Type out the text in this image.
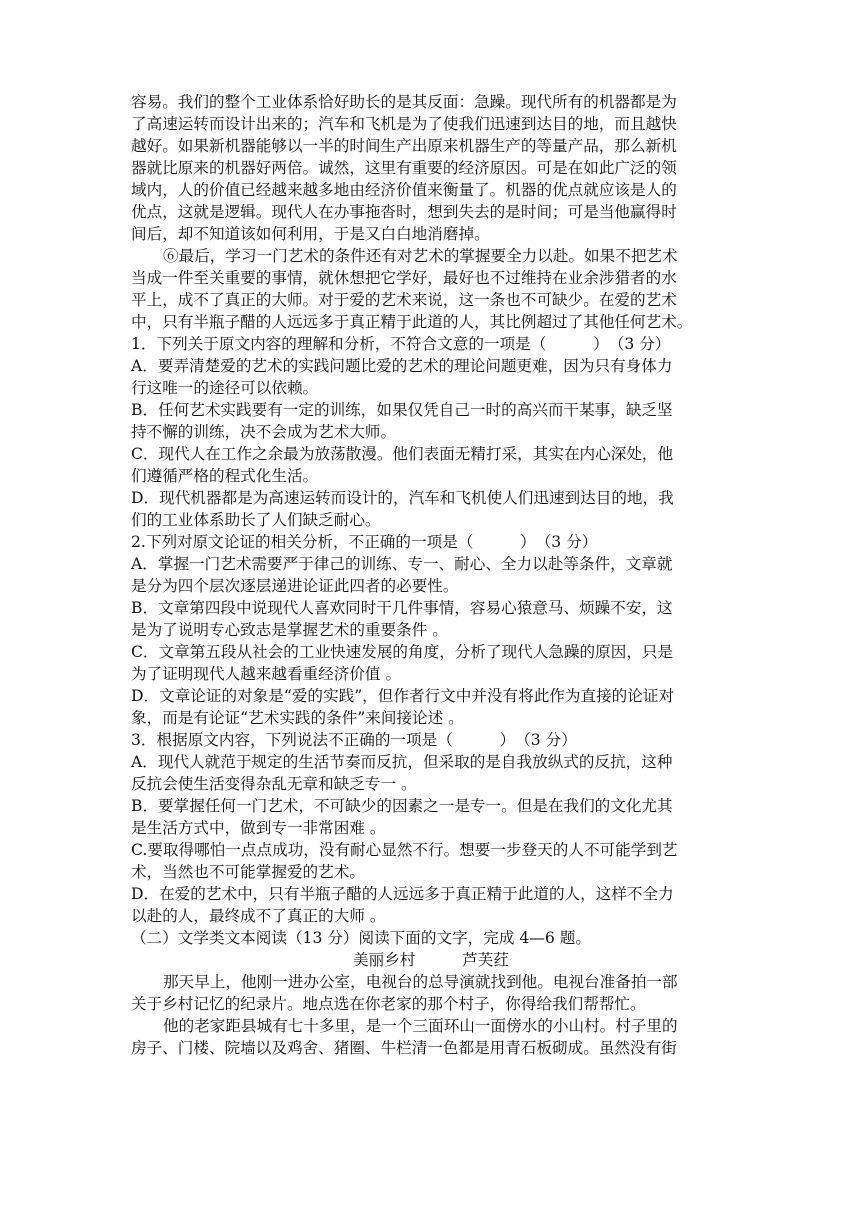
容易。我们的整个工业体系恰好助长的是其反面：急躁。现代所有的机器都是为
了高速运转而设计出来的；汽车和飞机是为了使我们迅速到达目的地，而且越快
越好。如果新机器能够以一半的时间生产出原来机器生产的等量产品，那么新机
器就比原来的机器好两倍。诚然，这里有重要的经济原因。可是在如此广泛的领
域内，人的价值已经越来越多地由经济价值来衡量了。机器的优点就应该是人的
优点，这就是逻辑。现代人在办事拖沓时，想到失去的是时间；可是当他赢得时
间后，却不知道该如何利用，于是又白白地消磨掉。
⑥最后，学习一门艺术的条件还有对艺术的掌握要全力以赴。如果不把艺术
当成一件至关重要的事情，就休想把它学好，最好也不过维持在业余涉猎者的水
平上，成不了真正的大师。对于爱的艺术来说，这一条也不可缺少。在爱的艺术
中，只有半瓶子醋的人远远多于真正精于此道的人，其比例超过了其他任何艺术。
1．下列关于原文内容的理解和分析，不符合文意的一项是（　　　）　（3 分）
A．要弄清楚爱的艺术的实践问题比爱的艺术的理论问题更难，因为只有身体力
行这唯一的途径可以依赖。
B．任何艺术实践要有一定的训练，如果仅凭自己一时的高兴而干某事，缺乏坚
持不懈的训练，决不会成为艺术大师。
C．现代人在工作之余最为放荡散漫。他们表面无精打采，其实在内心深处，他
们遵循严格的程式化生活。
D．现代机器都是为高速运转而设计的，汽车和飞机使人们迅速到达目的地，我
们的工业体系助长了人们缺乏耐心。
2.下列对原文论证的相关分析，不正确的一项是（　　　）　（3 分）
A．掌握一门艺术需要严于律己的训练、专一、耐心、全力以赴等条件，文章就
是分为四个层次逐层递进论证此四者的必要性。
B．文章第四段中说现代人喜欢同时干几件事情，容易心猿意马、烦躁不安，这
是为了说明专心致志是掌握艺术的重要条件 。
C．文章第五段从社会的工业快速发展的角度，分析了现代人急躁的原因，只是
为了证明现代人越来越看重经济价值 。
D．文章论证的对象是“爱的实践”，但作者行文中并没有将此作为直接的论证对
象，而是有论证“艺术实践的条件”来间接论述 。
3．根据原文内容，下列说法不正确的一项是（　　　）　（3 分）
A．现代人就范于规定的生活节奏而反抗，但采取的是自我放纵式的反抗，这种
反抗会使生活变得杂乱无章和缺乏专一 。
B．要掌握任何一门艺术，不可缺少的因素之一是专一。但是在我们的文化尤其
是生活方式中，做到专一非常困难 。
C.要取得哪怕一点点成功，没有耐心显然不行。想要一步登天的人不可能学到艺
术，当然也不可能掌握爱的艺术。
D．在爱的艺术中，只有半瓶子醋的人远远多于真正精于此道的人，这样不全力
以赴的人，最终成不了真正的大师 。
（二）文学类文本阅读（13 分）阅读下面的文字，完成 4—6 题。
美丽乡村　　　芦芙荭
那天早上，他刚一进办公室，电视台的总导演就找到他。电视台准备拍一部
关于乡村记忆的纪录片。地点选在你老家的那个村子，你得给我们帮帮忙。
他的老家距县城有七十多里，是一个三面环山一面傍水的小山村。村子里的
房子、门楼、院墙以及鸡舍、猪圈、牛栏清一色都是用青石板砌成。虽然没有街
